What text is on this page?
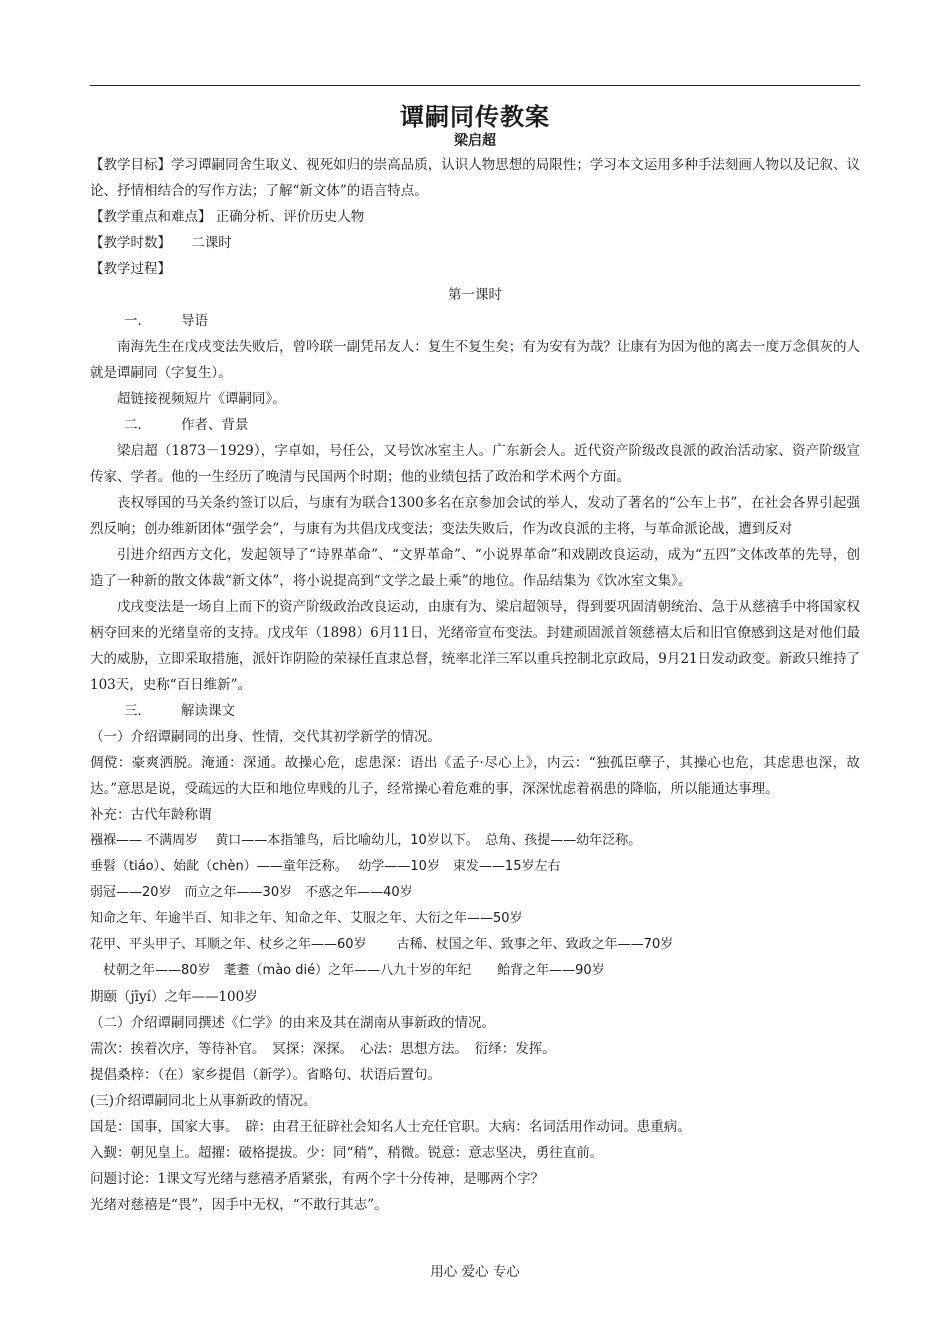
谭嗣同传教案
梁启超

【教学目标】学习谭嗣同舍生取义、视死如归的崇高品质，认识人物思想的局限性；学习本文运用多种手法刻画人物以及记叙、议论、抒情相结合的写作方法；了解“新文体”的语言特点。

【教学重点和难点】 正确分析、评价历史人物

【教学时数】　　二课时

【教学过程】

第一课时

一． 导语

南海先生在戊戌变法失败后，曾吟联一副凭吊友人：复生不复生矣；有为安有为哉？让康有为因为他的离去一度万念俱灰的人就是谭嗣同（字复生）。

超链接视频短片《谭嗣同》。

二． 作者、背景

梁启超（1873－1929），字卓如，号任公，又号饮冰室主人。广东新会人。近代资产阶级改良派的政治活动家、资产阶级宣传家、学者。他的一生经历了晚清与民国两个时期；他的业绩包括了政治和学术两个方面。

丧权辱国的马关条约签订以后，与康有为联合1300多名在京参加会试的举人，发动了著名的“公车上书”，在社会各界引起强烈反响；创办维新团体“强学会”，与康有为共倡戊戌变法；变法失败后，作为改良派的主将，与革命派论战，遭到反对

引进介绍西方文化，发起领导了“诗界革命”、“文界革命”、“小说界革命”和戏剧改良运动，成为“五四”文体改革的先导，创造了一种新的散文体裁“新文体”，将小说提高到“文学之最上乘”的地位。作品结集为《饮冰室文集》。

戊戌变法是一场自上而下的资产阶级政治改良运动，由康有为、梁启超领导，得到要巩固清朝统治、急于从慈禧手中将国家权柄夺回来的光绪皇帝的支持。戊戌年（1898）6月11日，光绪帝宣布变法。封建顽固派首领慈禧太后和旧官僚感到这是对他们最大的威胁，立即采取措施，派奸诈阴险的荣禄任直隶总督，统率北洋三军以重兵控制北京政局，9月21日发动政变。新政只维持了103天，史称“百日维新”。

三． 解读课文

（一）介绍谭嗣同的出身、性情，交代其初学新学的情况。

倜傥：豪爽洒脱。淹通：深通。故操心危，虑患深：语出《孟子·尽心上》，内云：“独孤臣孽子，其操心也危，其虑患也深，故达。”意思是说，受疏远的大臣和地位卑贱的儿子，经常操心着危难的事，深深忧虑着祸患的降临，所以能通达事理。

补充：古代年龄称谓

襁褓—— 不满周岁　 黄口——本指雏鸟，后比喻幼儿，10岁以下。　总角、孩提——幼年泛称。

垂髫（tiáo）、始龀（chèn）——童年泛称。　 幼学——10岁　束发——15岁左右

弱冠——20岁　而立之年——30岁　不惑之年——40岁

知命之年、年逾半百、知非之年、知命之年、艾服之年、大衍之年——50岁

花甲、平头甲子、耳顺之年、杖乡之年——60岁　　 古稀、杖国之年、致事之年、致政之年——70岁

杖朝之年——80岁　耄耋（mào dié）之年——八九十岁的年纪　　鲐背之年——90岁

期颐（jīyí）之年——100岁

（二）介绍谭嗣同撰述《仁学》的由来及其在湖南从事新政的情况。

需次：挨着次序，等待补官。　冥探：深探。　心法：思想方法。　衍绎：发挥。

提倡桑梓：（在）家乡提倡（新学）。省略句、状语后置句。

(三)介绍谭嗣同北上从事新政的情况。

国是：国事，国家大事。　辟：由君王征辟社会知名人士充任官职。大病：名词活用作动词。患重病。

入觐：朝见皇上。超擢：破格提拔。少：同“稍”，稍微。锐意：意志坚决，勇往直前。

问题讨论：1课文写光绪与慈禧矛盾紧张，有两个字十分传神，是哪两个字？

光绪对慈禧是“畏”，因手中无权，“不敢行其志”。

用心 爱心 专心
